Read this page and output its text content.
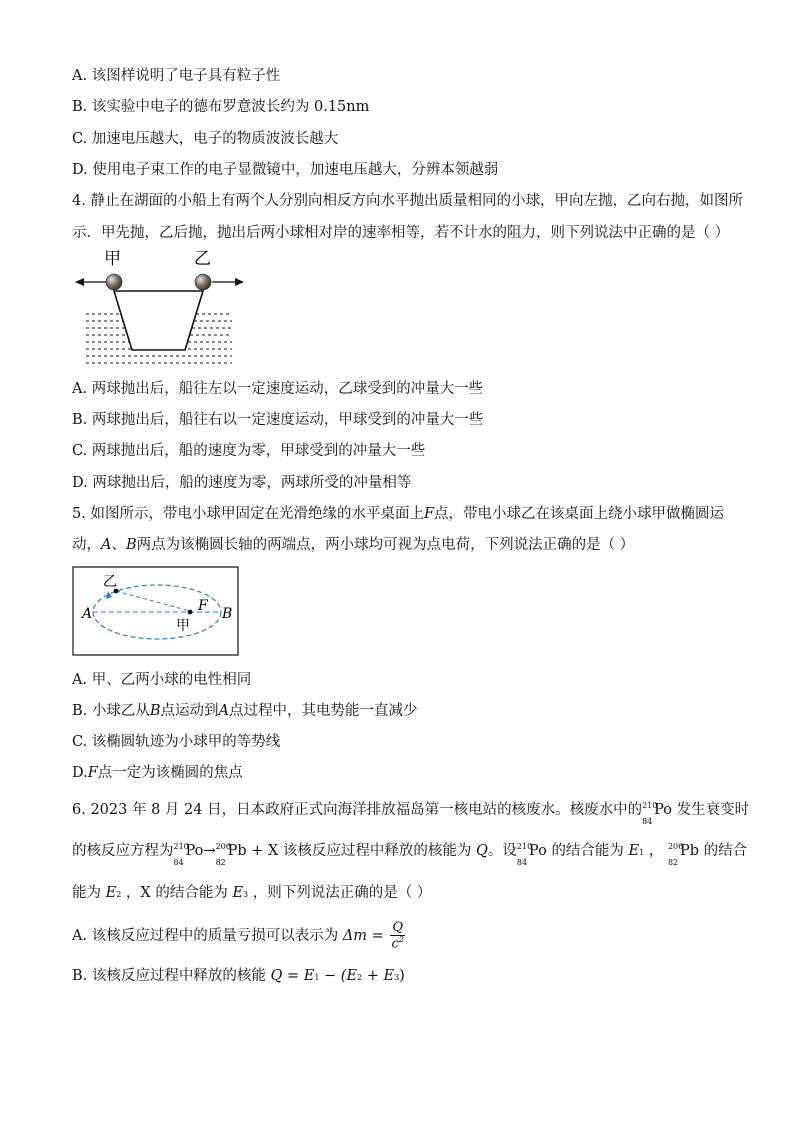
A. 该图样说明了电子具有粒子性
B. 该实验中电子的德布罗意波长约为 0.15nm
C. 加速电压越大，电子的物质波波长越大
D. 使用电子束工作的电子显微镜中，加速电压越大，分辨本领越弱
4. 静止在湖面的小船上有两个人分别向相反方向水平抛出质量相同的小球，甲向左抛，乙向右抛，如图所
示．甲先抛，乙后抛，抛出后两小球相对岸的速率相等，若不计水的阻力，则下列说法中正确的是（ ）
甲	乙
A. 两球抛出后，船往左以一定速度运动，乙球受到的冲量大一些
B. 两球抛出后，船往右以一定速度运动，甲球受到的冲量大一些
C. 两球抛出后，船的速度为零，甲球受到的冲量大一些
D. 两球抛出后，船的速度为零，两球所受的冲量相等
5. 如图所示，带电小球甲固定在光滑绝缘的水平桌面上F点，带电小球乙在该桌面上绕小球甲做椭圆运
动，A、B两点为该椭圆长轴的两端点，两小球均可视为点电荷，下列说法正确的是（ ）
乙
A	F B
甲
A. 甲、乙两小球的电性相同
B. 小球乙从B点运动到A点过程中，其电势能一直减少
C. 该椭圆轨迹为小球甲的等势线
D.F点一定为该椭圆的焦点
6. 2023 年 8 月 24 日，日本政府正式向海洋排放福岛第一核电站的核废水。核废水中的 210
84
Po 发生衰变时
的核反应方程为 210
84
Po→ 206
82
Pb + X 该核反应过程中释放的核能为 Q。设 210
84
Po 的结合能为 E1 ， 206
82
Pb 的结合
能为 E2 ，X 的结合能为 E3 ，则下列说法正确的是（ ）
A. 该核反应过程中的质量亏损可以表示为 $\Delta m = \frac{Q}{c^2}$
B. 该核反应过程中释放的核能 Q = E1 − (E2 + E3)
